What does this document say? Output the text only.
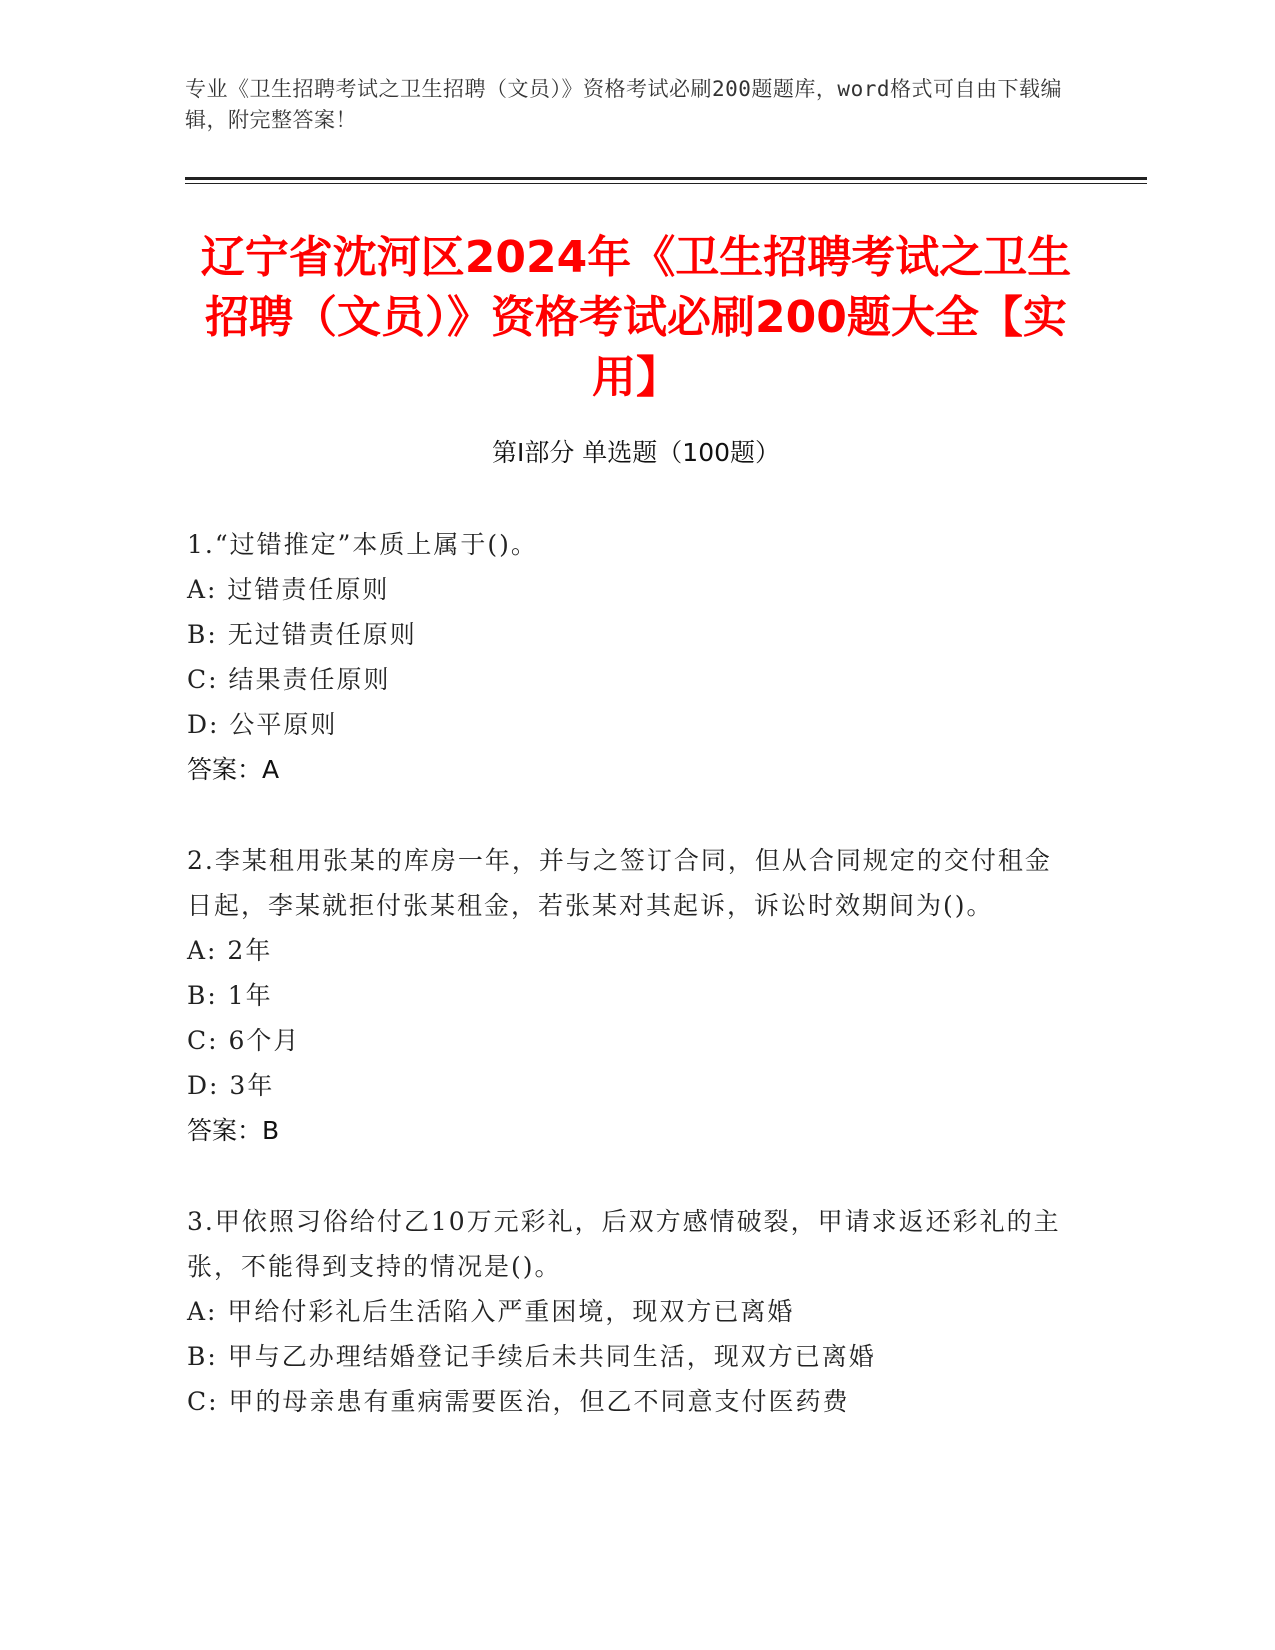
专业《卫生招聘考试之卫生招聘（文员）》资格考试必刷200题题库，word格式可自由下载编辑，附完整答案！
辽宁省沈河区2024年《卫生招聘考试之卫生招聘（文员）》资格考试必刷200题大全【实用】
第Ⅰ部分 单选题（100题）
1.“过错推定”本质上属于()。
A: 过错责任原则
B: 无过错责任原则
C: 结果责任原则
D: 公平原则
答案：A
2.李某租用张某的库房一年，并与之签订合同，但从合同规定的交付租金日起，李某就拒付张某租金，若张某对其起诉，诉讼时效期间为()。
A: 2年
B: 1年
C: 6个月
D: 3年
答案：B
3.甲依照习俗给付乙10万元彩礼，后双方感情破裂，甲请求返还彩礼的主张，不能得到支持的情况是()。
A: 甲给付彩礼后生活陷入严重困境，现双方已离婚
B: 甲与乙办理结婚登记手续后未共同生活，现双方已离婚
C: 甲的母亲患有重病需要医治，但乙不同意支付医药费
